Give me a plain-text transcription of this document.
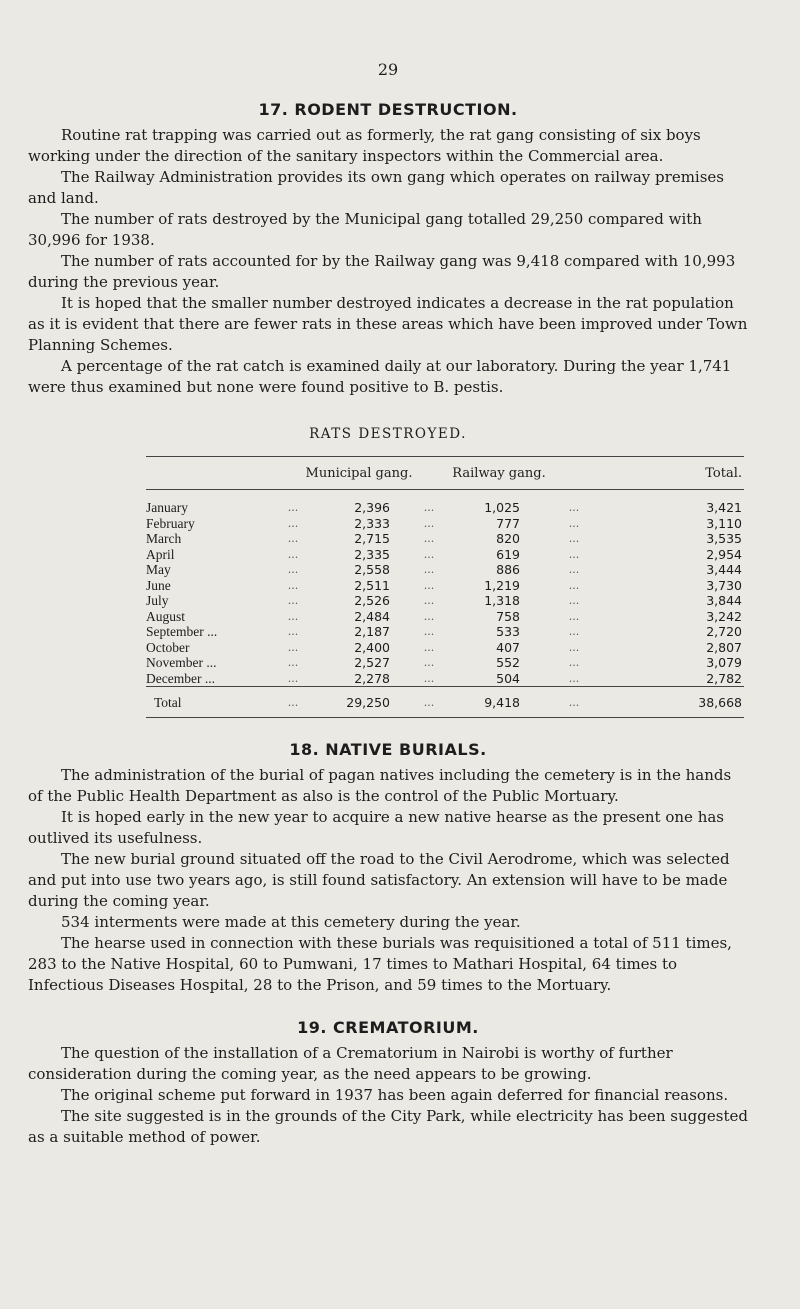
29
17. RODENT DESTRUCTION.

Routine rat trapping was carried out as formerly, the rat gang consisting of six boys working under the direction of the sanitary inspectors within the Commercial area.

The Railway Administration provides its own gang which operates on railway premises and land.

The number of rats destroyed by the Municipal gang totalled 29,250 compared with 30,996 for 1938.

The number of rats accounted for by the Railway gang was 9,418 compared with 10,993 during the previous year.

It is hoped that the smaller number destroyed indicates a decrease in the rat population as it is evident that there are fewer rats in these areas which have been improved under Town Planning Schemes.

A percentage of the rat catch is examined daily at our laboratory. During the year 1,741 were thus examined but none were found positive to B. pestis.

RATS DESTROYED.
		Municipal gang.		Railway gang.		Total.
January	...	2,396	...	1,025	...	3,421
February	...	2,333	...	777	...	3,110
March	...	2,715	...	820	...	3,535
April	...	2,335	...	619	...	2,954
May	...	2,558	...	886	...	3,444
June	...	2,511	...	1,219	...	3,730
July	...	2,526	...	1,318	...	3,844
August	...	2,484	...	758	...	3,242
September ...	...	2,187	...	533	...	2,720
October	...	2,400	...	407	...	2,807
November ...	...	2,527	...	552	...	3,079
December ...	...	2,278	...	504	...	2,782
Total	...	29,250	...	9,418	...	38,668
18. NATIVE BURIALS.

The administration of the burial of pagan natives including the cemetery is in the hands of the Public Health Department as also is the control of the Public Mortuary.

It is hoped early in the new year to acquire a new native hearse as the present one has outlived its usefulness.

The new burial ground situated off the road to the Civil Aerodrome, which was selected and put into use two years ago, is still found satisfactory. An extension will have to be made during the coming year.

534 interments were made at this cemetery during the year.

The hearse used in connection with these burials was requisitioned a total of 511 times, 283 to the Native Hospital, 60 to Pumwani, 17 times to Mathari Hospital, 64 times to Infectious Diseases Hospital, 28 to the Prison, and 59 times to the Mortuary.

19. CREMATORIUM.

The question of the installation of a Crematorium in Nairobi is worthy of further consideration during the coming year, as the need appears to be growing.

The original scheme put forward in 1937 has been again deferred for financial reasons.

The site suggested is in the grounds of the City Park, while electricity has been suggested as a suitable method of power.
